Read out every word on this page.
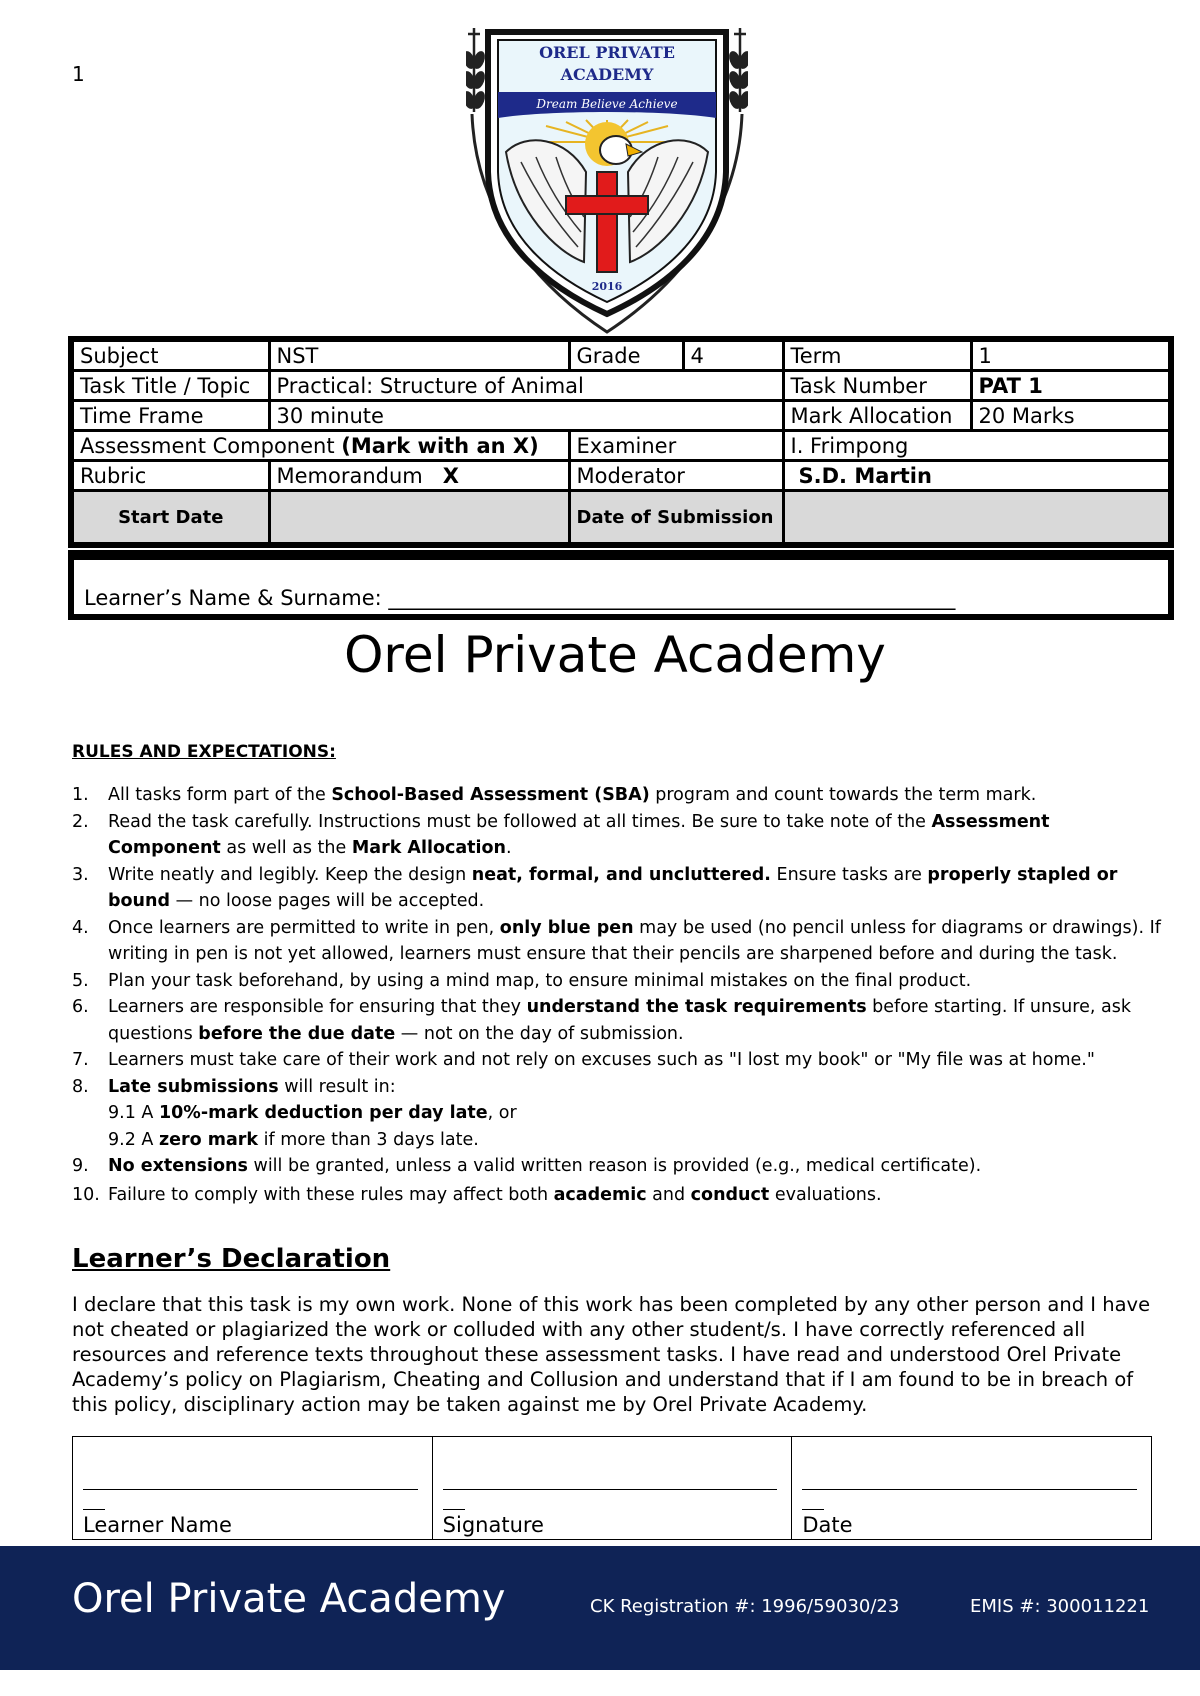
1
OREL PRIVATE
ACADEMY
Dream Believe Achieve
2016
Subject	NST	Grade	4	Term	1
Task Title / Topic	Practical: Structure of Animal			Task Number	PAT 1
Time Frame	30 minute			Mark Allocation	20 Marks
Assessment Component (Mark with an X)		Examiner		I. Frimpong	
Rubric	Memorandum X	Moderator		S.D. Martin	
Start Date		Date of Submission			
Learner’s Name & Surname: ______________________________________________________
Orel Private Academy
RULES AND EXPECTATIONS:
1. All tasks form part of the School-Based Assessment (SBA) program and count towards the term mark.
2. Read the task carefully. Instructions must be followed at all times. Be sure to take note of the Assessment Component as well as the Mark Allocation.
3. Write neatly and legibly. Keep the design neat, formal, and uncluttered. Ensure tasks are properly stapled or bound — no loose pages will be accepted.
4. Once learners are permitted to write in pen, only blue pen may be used (no pencil unless for diagrams or drawings). If writing in pen is not yet allowed, learners must ensure that their pencils are sharpened before and during the task.
5. Plan your task beforehand, by using a mind map, to ensure minimal mistakes on the final product.
6. Learners are responsible for ensuring that they understand the task requirements before starting. If unsure, ask questions before the due date — not on the day of submission.
7. Learners must take care of their work and not rely on excuses such as "I lost my book" or "My file was at home."
8. Late submissions will result in:
9.1 A 10%-mark deduction per day late, or
9.2 A zero mark if more than 3 days late.
9. No extensions will be granted, unless a valid written reason is provided (e.g., medical certificate).
10. Failure to comply with these rules may affect both academic and conduct evaluations.
Learner’s Declaration
I declare that this task is my own work. None of this work has been completed by any other person and I have not cheated or plagiarized the work or colluded with any other student/s. I have correctly referenced all resources and reference texts throughout these assessment tasks. I have read and understood Orel Private Academy’s policy on Plagiarism, Cheating and Collusion and understand that if I am found to be in breach of this policy, disciplinary action may be taken against me by Orel Private Academy.
Learner Name	Signature	Date
Orel Private Academy	CK Registration #: 1996/59030/23	EMIS #: 300011221
